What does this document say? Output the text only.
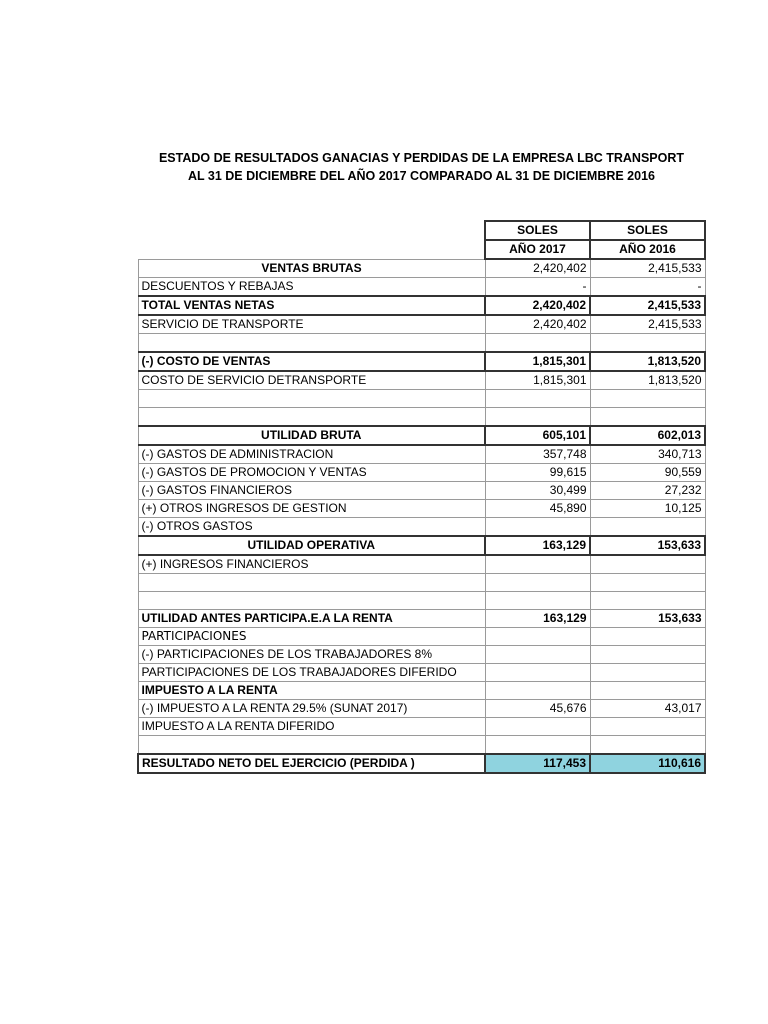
ESTADO DE RESULTADOS GANACIAS Y PERDIDAS DE LA EMPRESA LBC TRANSPORT
AL 31 DE DICIEMBRE DEL AÑO 2017 COMPARADO AL 31 DE DICIEMBRE 2016
	SOLES	SOLES
	AÑO 2017	AÑO 2016
VENTAS BRUTAS	2,420,402	2,415,533
DESCUENTOS Y REBAJAS	-	-
TOTAL VENTAS NETAS	2,420,402	2,415,533
SERVICIO DE TRANSPORTE	2,420,402	2,415,533

(-) COSTO DE VENTAS	1,815,301	1,813,520
COSTO DE SERVICIO DETRANSPORTE	1,815,301	1,813,520

UTILIDAD BRUTA	605,101	602,013
(-) GASTOS DE ADMINISTRACION	357,748	340,713
(-) GASTOS DE PROMOCION Y VENTAS	99,615	90,559
(-) GASTOS FINANCIEROS	30,499	27,232
(+) OTROS INGRESOS DE GESTION	45,890	10,125
(-) OTROS GASTOS		
UTILIDAD OPERATIVA	163,129	153,633
(+) INGRESOS FINANCIEROS		

UTILIDAD ANTES PARTICIPA.E.A LA RENTA	163,129	153,633
PARTICIPACIONES		
(-) PARTICIPACIONES DE LOS TRABAJADORES 8%		
PARTICIPACIONES DE LOS TRABAJADORES DIFERIDO		
IMPUESTO A LA RENTA		
(-) IMPUESTO A LA RENTA 29.5% (SUNAT 2017)	45,676	43,017
IMPUESTO A LA RENTA DIFERIDO		

RESULTADO NETO DEL EJERCICIO (PERDIDA )	117,453	110,616
